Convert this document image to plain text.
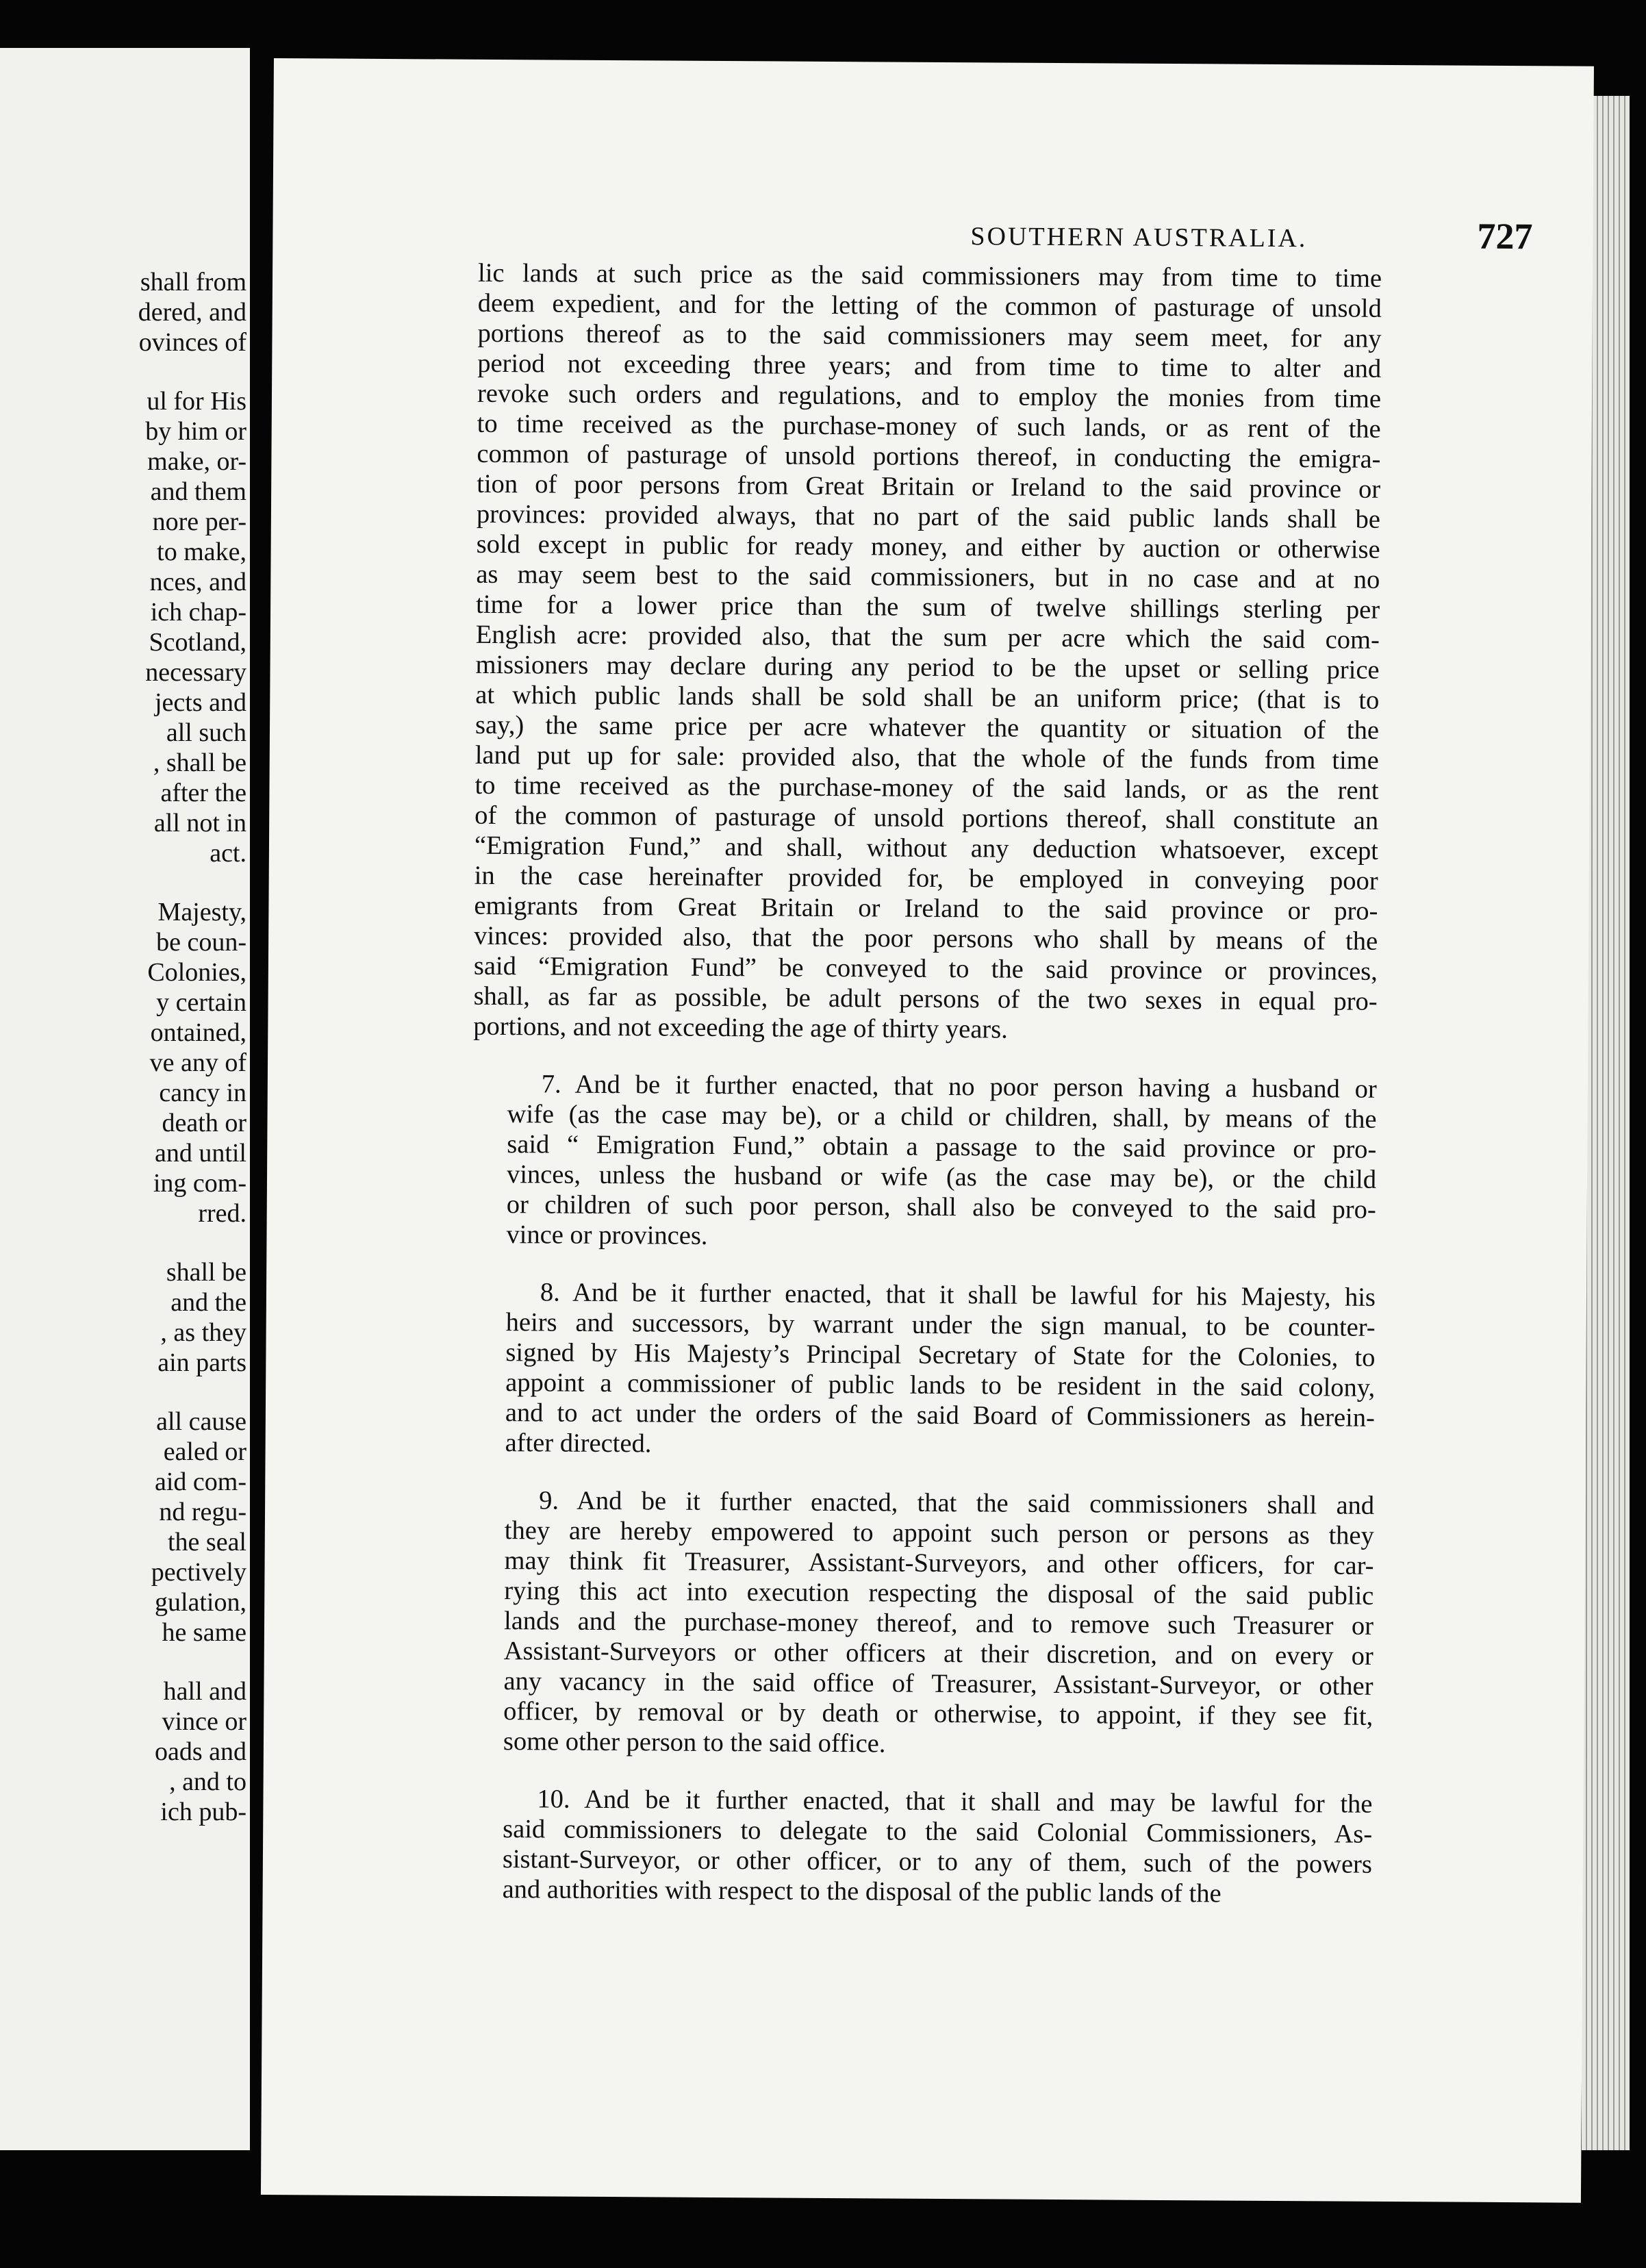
shall from
dered, and
ovinces of
ul for His
by him or
make, or-
and them
nore per-
to make,
nces, and
ich chap-
Scotland,
necessary
jects and
all such
, shall be
after the
all not in
act.
Majesty,
be coun-
Colonies,
y certain
ontained,
ve any of
cancy in
death or
and until
ing com-
rred.
shall be
and the
, as they
ain parts
all cause
ealed or
aid com-
nd regu-
the seal
pectively
gulation,
he same
hall and
vince or
oads and
, and to
ich pub-
SOUTHERN AUSTRALIA.	727

lic lands at such price as the said commissioners may from time to time
deem expedient, and for the letting of the common of pasturage of unsold
portions thereof as to the said commissioners may seem meet, for any
period not exceeding three years; and from time to time to alter and
revoke such orders and regulations, and to employ the monies from time
to time received as the purchase-money of such lands, or as rent of the
common of pasturage of unsold portions thereof, in conducting the emigra-
tion of poor persons from Great Britain or Ireland to the said province or
provinces: provided always, that no part of the said public lands shall be
sold except in public for ready money, and either by auction or otherwise
as may seem best to the said commissioners, but in no case and at no
time for a lower price than the sum of twelve shillings sterling per
English acre: provided also, that the sum per acre which the said com-
missioners may declare during any period to be the upset or selling price
at which public lands shall be sold shall be an uniform price; (that is to
say,) the same price per acre whatever the quantity or situation of the
land put up for sale: provided also, that the whole of the funds from time
to time received as the purchase-money of the said lands, or as the rent
of the common of pasturage of unsold portions thereof, shall constitute an
“Emigration Fund,” and shall, without any deduction whatsoever, except
in the case hereinafter provided for, be employed in conveying poor
emigrants from Great Britain or Ireland to the said province or pro-
vinces: provided also, that the poor persons who shall by means of the
said “Emigration Fund” be conveyed to the said province or provinces,
shall, as far as possible, be adult persons of the two sexes in equal pro-
portions, and not exceeding the age of thirty years.

7. And be it further enacted, that no poor person having a husband or
wife (as the case may be), or a child or children, shall, by means of the
said “ Emigration Fund,” obtain a passage to the said province or pro-
vinces, unless the husband or wife (as the case may be), or the child
or children of such poor person, shall also be conveyed to the said pro-
vince or provinces.

8. And be it further enacted, that it shall be lawful for his Majesty, his
heirs and successors, by warrant under the sign manual, to be counter-
signed by His Majesty’s Principal Secretary of State for the Colonies, to
appoint a commissioner of public lands to be resident in the said colony,
and to act under the orders of the said Board of Commissioners as herein-
after directed.

9. And be it further enacted, that the said commissioners shall and
they are hereby empowered to appoint such person or persons as they
may think fit Treasurer, Assistant-Surveyors, and other officers, for car-
rying this act into execution respecting the disposal of the said public
lands and the purchase-money thereof, and to remove such Treasurer or
Assistant-Surveyors or other officers at their discretion, and on every or
any vacancy in the said office of Treasurer, Assistant-Surveyor, or other
officer, by removal or by death or otherwise, to appoint, if they see fit,
some other person to the said office.

10. And be it further enacted, that it shall and may be lawful for the
said commissioners to delegate to the said Colonial Commissioners, As-
sistant-Surveyor, or other officer, or to any of them, such of the powers
and authorities with respect to the disposal of the public lands of the
